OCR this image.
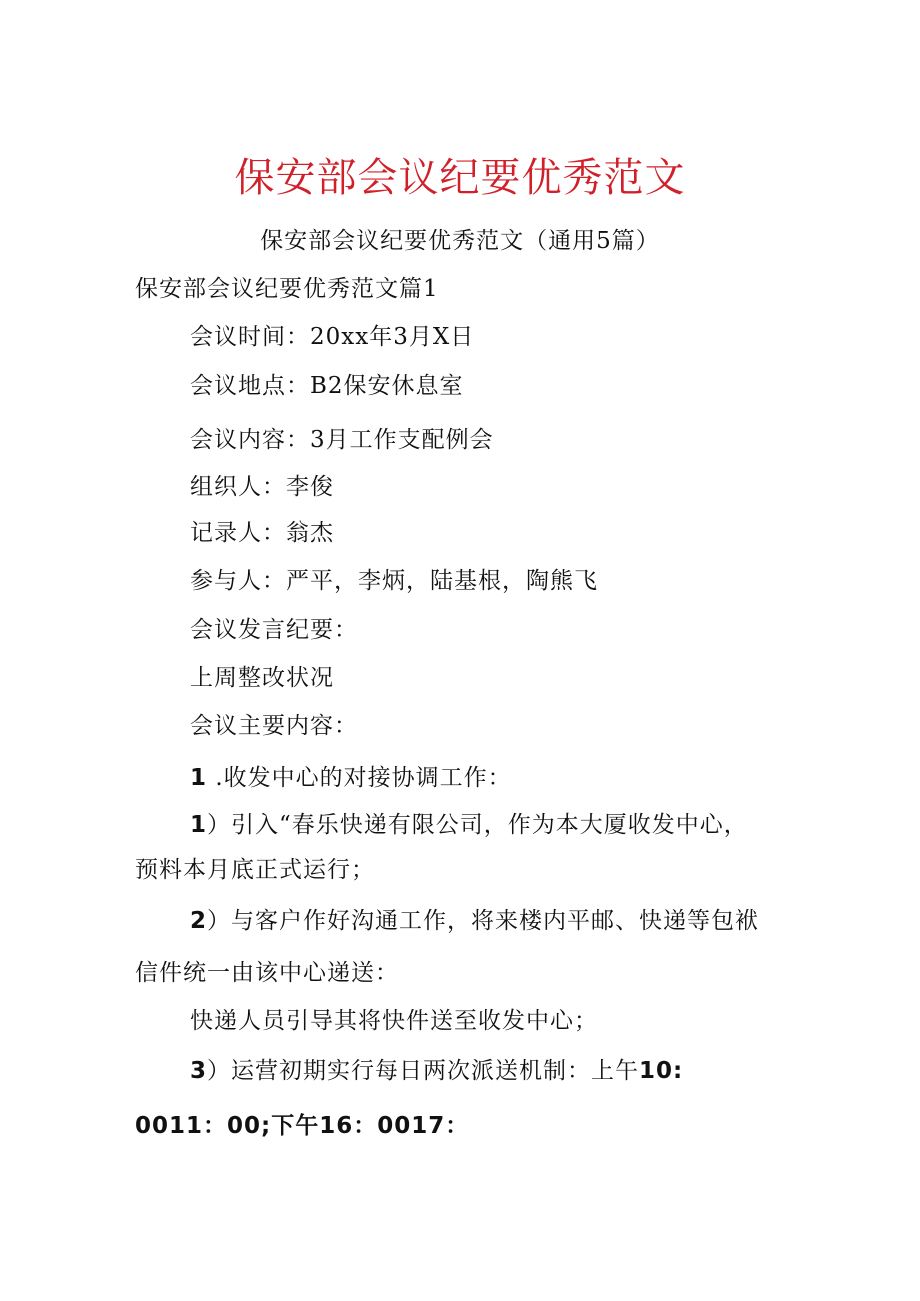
保安部会议纪要优秀范文
保安部会议纪要优秀范文（通用5篇）
保安部会议纪要优秀范文篇1
会议时间：20xx年3月X日
会议地点：B2保安休息室
会议内容：3月工作支配例会
组织人：李俊
记录人：翁杰
参与人：严平，李炳，陆基根，陶熊飞
会议发言纪要：
上周整改状况
会议主要内容：
1 .收发中心的对接协调工作：
1）引入“春乐快递有限公司，作为本大厦收发中心，
预料本月底正式运行；
2）与客户作好沟通工作，将来楼内平邮、快递等包袱
信件统一由该中心递送：
快递人员引导其将快件送至收发中心；
3）运营初期实行每日两次派送机制：上午10:
0011：00;下午16：0017：
